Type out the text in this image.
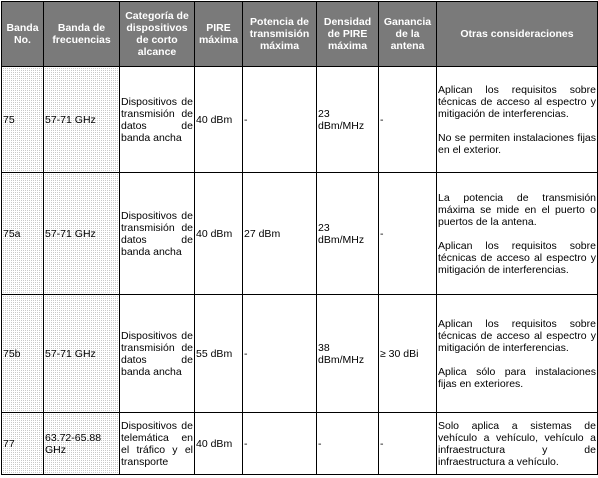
Banda No.	Banda de frecuencias	Categoría de dispositivos de corto alcance	PIRE máxima	Potencia de transmisión máxima	Densidad de PIRE máxima	Ganancia de la antena	Otras consideraciones
75	57-71 GHz	Dispositivos de transmisión de datos de banda ancha	40 dBm	-	23 dBm/MHz	-	Aplican los requisitos sobre técnicas de acceso al espectro y mitigación de interferencias.

No se permiten instalaciones fijas en el exterior.

75a	57-71 GHz	Dispositivos de transmisión de datos de banda ancha	40 dBm	27 dBm	23 dBm/MHz	-	La potencia de transmisión máxima se mide en el puerto o puertos de la antena.

Aplican los requisitos sobre técnicas de acceso al espectro y mitigación de interferencias.

75b	57-71 GHz	Dispositivos de transmisión de datos de banda ancha	55 dBm	-	38 dBm/MHz	≥ 30 dBi	Aplican los requisitos sobre técnicas de acceso al espectro y mitigación de interferencias.

Aplica sólo para instalaciones fijas en exteriores.

77	63.72-65.88 GHz	Dispositivos de telemática en el tráfico y el transporte	40 dBm	-	-	-	Solo aplica a sistemas de vehículo a vehículo, vehículo a infraestructura y de infraestructura a vehículo.
